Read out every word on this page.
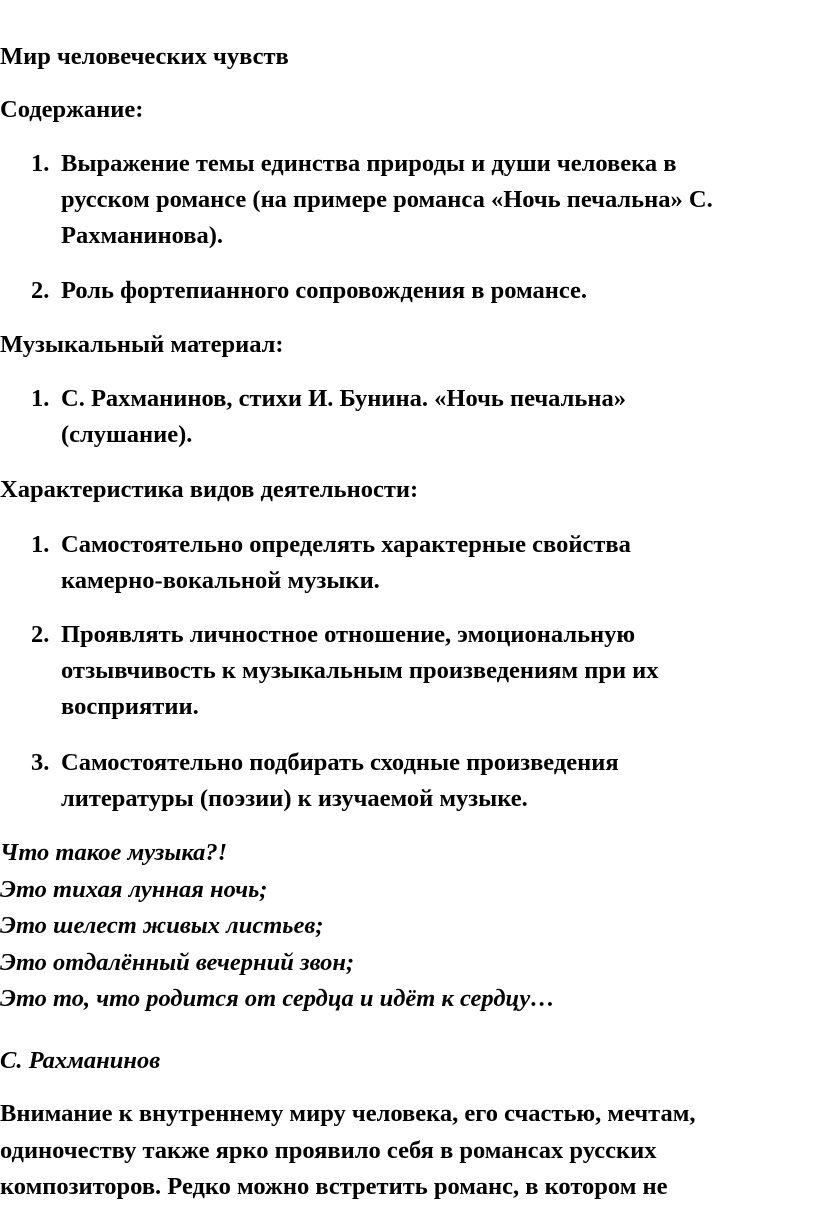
Мир человеческих чувств

Содержание:

1. Выражение темы единства природы и души человека в
русском романсе (на примере романса «Ночь печальна» С.
Рахманинова).
2. Роль фортепианного сопровождения в романсе.

Музыкальный материал:

1. С. Рахманинов, стихи И. Бунина. «Ночь печальна»
(слушание).

Характеристика видов деятельности:

1. Самостоятельно определять характерные свойства
камерно-вокальной музыки.
2. Проявлять личностное отношение, эмоциональную
отзывчивость к музыкальным произведениям при их
восприятии.
3. Самостоятельно подбирать сходные произведения
литературы (поэзии) к изучаемой музыке.
Что такое музыка?!
Это тихая лунная ночь;
Это шелест живых листьев;
Это отдалённый вечерний звон;
Это то, что родится от сердца и идёт к сердцу…

С. Рахманинов

Внимание к внутреннему миру человека, его счастью, мечтам,
одиночеству также ярко проявило себя в романсах русских
композиторов. Редко можно встретить романс, в котором не
